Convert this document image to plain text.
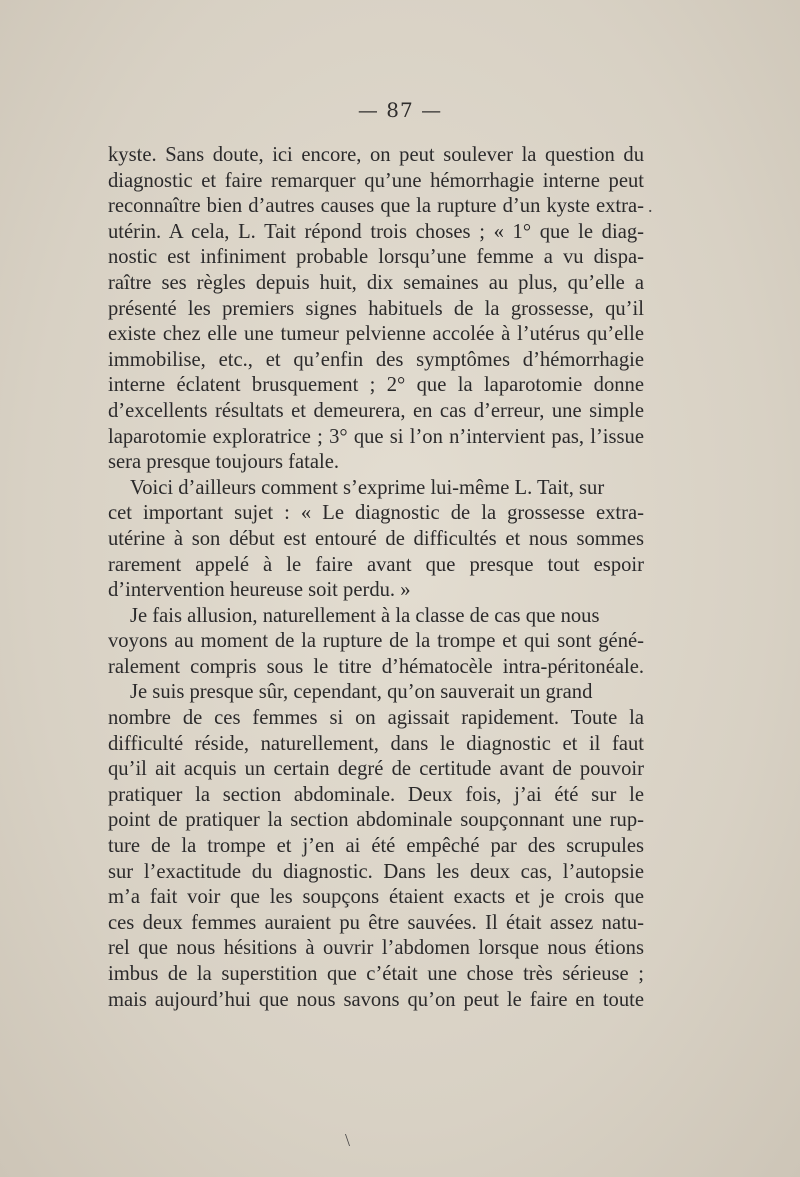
— 87 —
kyste. Sans doute, ici encore, on peut soulever la question du
diagnostic et faire remarquer qu’une hémorrhagie interne peut
reconnaître bien d’autres causes que la rupture d’un kyste extra-
utérin. A cela, L. Tait répond trois choses ; « 1° que le diag-
nostic est infiniment probable lorsqu’une femme a vu dispa-
raître ses règles depuis huit, dix semaines au plus, qu’elle a
présenté les premiers signes habituels de la grossesse, qu’il
existe chez elle une tumeur pelvienne accolée à l’utérus qu’elle
immobilise, etc., et qu’enfin des symptômes d’hémorrhagie
interne éclatent brusquement ; 2° que la laparotomie donne
d’excellents résultats et demeurera, en cas d’erreur, une simple
laparotomie exploratrice ; 3° que si l’on n’intervient pas, l’issue
sera presque toujours fatale.
Voici d’ailleurs comment s’exprime lui-même L. Tait, sur
cet important sujet : « Le diagnostic de la grossesse extra-
utérine à son début est entouré de difficultés et nous sommes
rarement appelé à le faire avant que presque tout espoir
d’intervention heureuse soit perdu. »
Je fais allusion, naturellement à la classe de cas que nous
voyons au moment de la rupture de la trompe et qui sont géné-
ralement compris sous le titre d’hématocèle intra-péritonéale.
Je suis presque sûr, cependant, qu’on sauverait un grand
nombre de ces femmes si on agissait rapidement. Toute la
difficulté réside, naturellement, dans le diagnostic et il faut
qu’il ait acquis un certain degré de certitude avant de pouvoir
pratiquer la section abdominale. Deux fois, j’ai été sur le
point de pratiquer la section abdominale soupçonnant une rup-
ture de la trompe et j’en ai été empêché par des scrupules
sur l’exactitude du diagnostic. Dans les deux cas, l’autopsie
m’a fait voir que les soupçons étaient exacts et je crois que
ces deux femmes auraient pu être sauvées. Il était assez natu-
rel que nous hésitions à ouvrir l’abdomen lorsque nous étions
imbus de la superstition que c’était une chose très sérieuse ;
mais aujourd’hui que nous savons qu’on peut le faire en toute
.
\
